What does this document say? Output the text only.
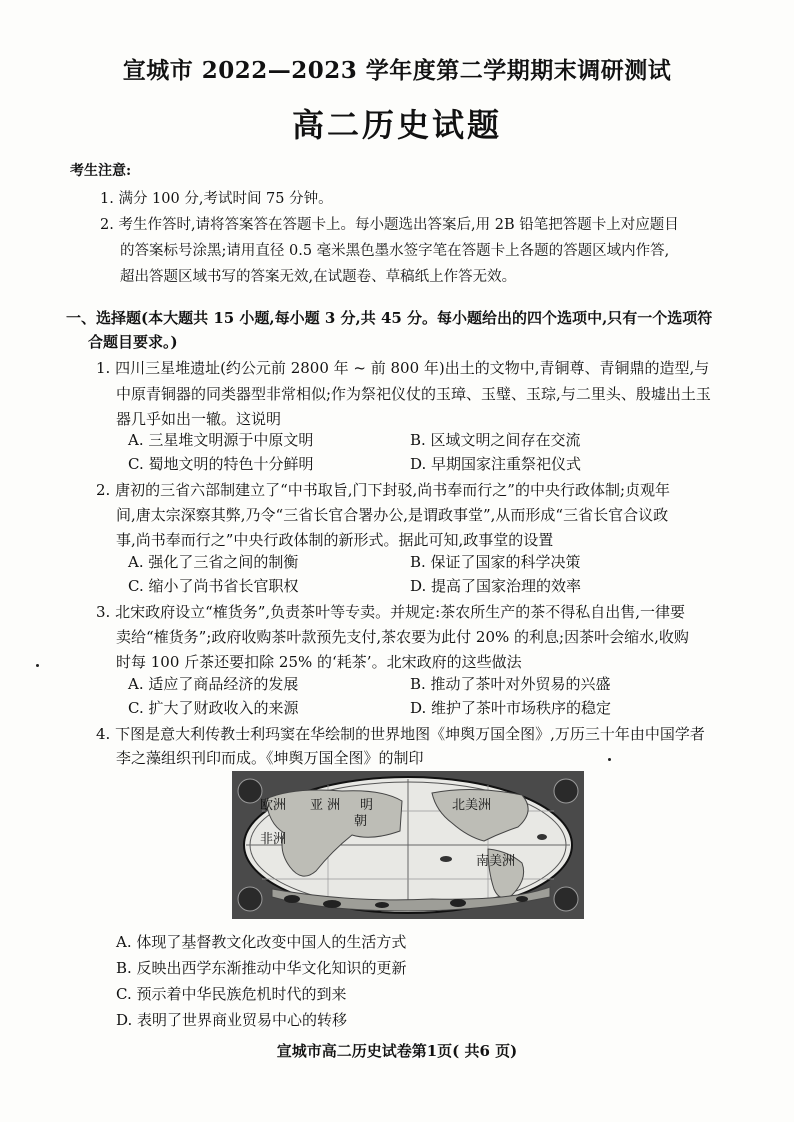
宣城市 2022—2023 学年度第二学期期末调研测试
高二历史试题
考生注意:
1. 满分 100 分,考试时间 75 分钟。
2. 考生作答时,请将答案答在答题卡上。每小题选出答案后,用 2B 铅笔把答题卡上对应题目
的答案标号涂黑;请用直径 0.5 毫米黑色墨水签字笔在答题卡上各题的答题区域内作答,
超出答题区域书写的答案无效,在试题卷、草稿纸上作答无效。
一、选择题(本大题共 15 小题,每小题 3 分,共 45 分。每小题给出的四个选项中,只有一个选项符
合题目要求。)
1. 四川三星堆遗址(约公元前 2800 年 ~ 前 800 年)出土的文物中,青铜尊、青铜鼎的造型,与
中原青铜器的同类器型非常相似;作为祭祀仪仗的玉璋、玉璧、玉琮,与二里头、殷墟出土玉
器几乎如出一辙。这说明
A. 三星堆文明源于中原文明	B. 区域文明之间存在交流
C. 蜀地文明的特色十分鲜明	D. 早期国家注重祭祀仪式
2. 唐初的三省六部制建立了“中书取旨,门下封驳,尚书奉而行之”的中央行政体制;贞观年
间,唐太宗深察其弊,乃令“三省长官合署办公,是谓政事堂”,从而形成“三省长官合议政
事,尚书奉而行之”中央行政体制的新形式。据此可知,政事堂的设置
A. 强化了三省之间的制衡	B. 保证了国家的科学决策
C. 缩小了尚书省长官职权	D. 提高了国家治理的效率
3. 北宋政府设立“榷货务”,负责茶叶等专卖。并规定:茶农所生产的茶不得私自出售,一律要
卖给“榷货务”;政府收购茶叶款预先支付,茶农要为此付 20% 的利息;因茶叶会缩水,收购
时每 100 斤茶还要扣除 25% 的‘耗茶’。北宋政府的这些做法
A. 适应了商品经济的发展	B. 推动了茶叶对外贸易的兴盛
C. 扩大了财政收入的来源	D. 维护了茶叶市场秩序的稳定
4. 下图是意大利传教士利玛窦在华绘制的世界地图《坤舆万国全图》,万历三十年由中国学者
李之藻组织刊印而成。《坤舆万国全图》的制印
欧洲 亚 洲 明
朝
非洲
北美洲
南美洲
A. 体现了基督教文化改变中国人的生活方式
B. 反映出西学东渐推动中华文化知识的更新
C. 预示着中华民族危机时代的到来
D. 表明了世界商业贸易中心的转移
宣城市高二历史试卷第1页( 共6 页)
